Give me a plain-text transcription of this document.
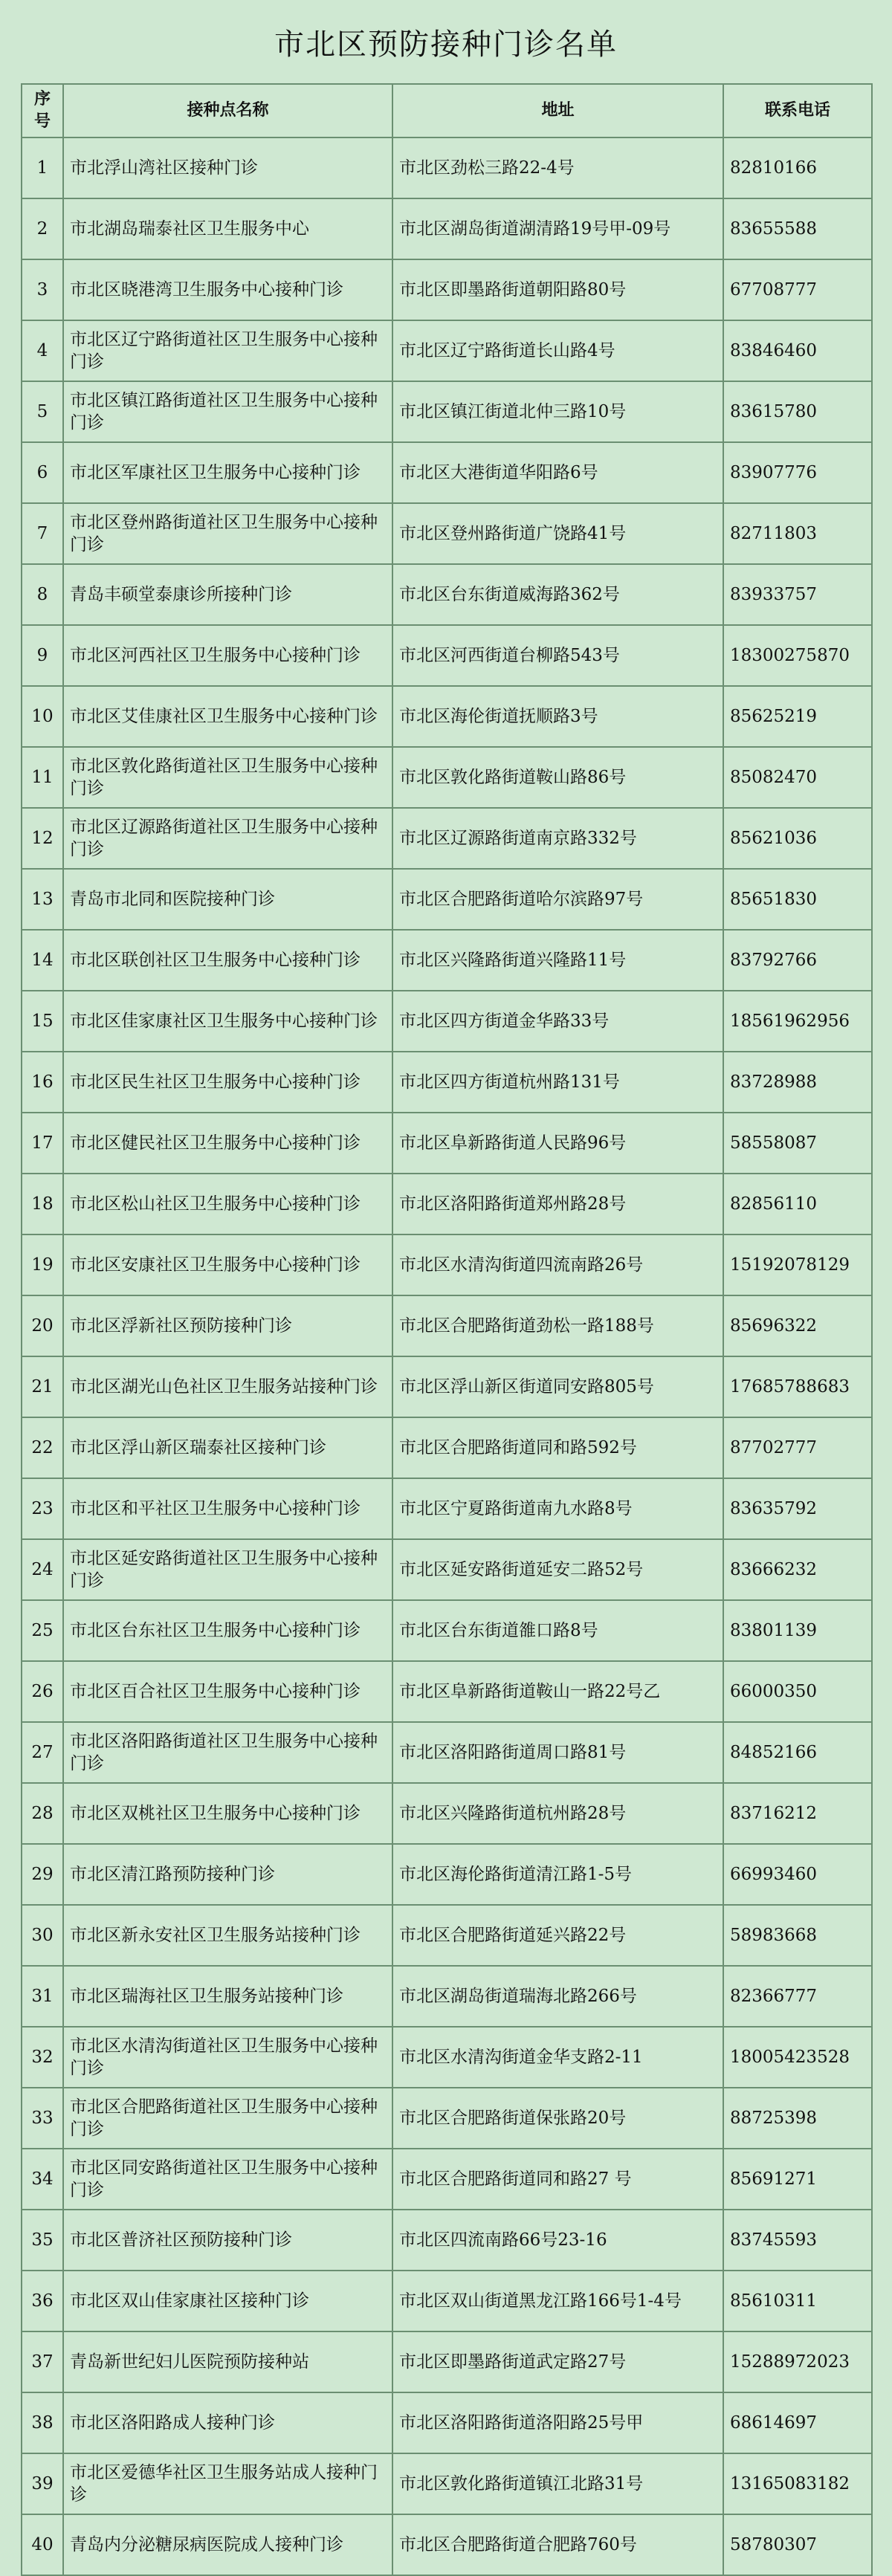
市北区预防接种门诊名单
序号	接种点名称	地址	联系电话
1	市北浮山湾社区接种门诊	市北区劲松三路22-4号	82810166
2	市北湖岛瑞泰社区卫生服务中心	市北区湖岛街道湖清路19号甲-09号	83655588
3	市北区晓港湾卫生服务中心接种门诊	市北区即墨路街道朝阳路80号	67708777
4	市北区辽宁路街道社区卫生服务中心接种门诊	市北区辽宁路街道长山路4号	83846460
5	市北区镇江路街道社区卫生服务中心接种门诊	市北区镇江街道北仲三路10号	83615780
6	市北区军康社区卫生服务中心接种门诊	市北区大港街道华阳路6号	83907776
7	市北区登州路街道社区卫生服务中心接种门诊	市北区登州路街道广饶路41号	82711803
8	青岛丰硕堂泰康诊所接种门诊	市北区台东街道威海路362号	83933757
9	市北区河西社区卫生服务中心接种门诊	市北区河西街道台柳路543号	18300275870
10	市北区艾佳康社区卫生服务中心接种门诊	市北区海伦街道抚顺路3号	85625219
11	市北区敦化路街道社区卫生服务中心接种门诊	市北区敦化路街道鞍山路86号	85082470
12	市北区辽源路街道社区卫生服务中心接种门诊	市北区辽源路街道南京路332号	85621036
13	青岛市北同和医院接种门诊	市北区合肥路街道哈尔滨路97号	85651830
14	市北区联创社区卫生服务中心接种门诊	市北区兴隆路街道兴隆路11号	83792766
15	市北区佳家康社区卫生服务中心接种门诊	市北区四方街道金华路33号	18561962956
16	市北区民生社区卫生服务中心接种门诊	市北区四方街道杭州路131号	83728988
17	市北区健民社区卫生服务中心接种门诊	市北区阜新路街道人民路96号	58558087
18	市北区松山社区卫生服务中心接种门诊	市北区洛阳路街道郑州路28号	82856110
19	市北区安康社区卫生服务中心接种门诊	市北区水清沟街道四流南路26号	15192078129
20	市北区浮新社区预防接种门诊	市北区合肥路街道劲松一路188号	85696322
21	市北区湖光山色社区卫生服务站接种门诊	市北区浮山新区街道同安路805号	17685788683
22	市北区浮山新区瑞泰社区接种门诊	市北区合肥路街道同和路592号	87702777
23	市北区和平社区卫生服务中心接种门诊	市北区宁夏路街道南九水路8号	83635792
24	市北区延安路街道社区卫生服务中心接种门诊	市北区延安路街道延安二路52号	83666232
25	市北区台东社区卫生服务中心接种门诊	市北区台东街道雒口路8号	83801139
26	市北区百合社区卫生服务中心接种门诊	市北区阜新路街道鞍山一路22号乙	66000350
27	市北区洛阳路街道社区卫生服务中心接种门诊	市北区洛阳路街道周口路81号	84852166
28	市北区双桃社区卫生服务中心接种门诊	市北区兴隆路街道杭州路28号	83716212
29	市北区清江路预防接种门诊	市北区海伦路街道清江路1-5号	66993460
30	市北区新永安社区卫生服务站接种门诊	市北区合肥路街道延兴路22号	58983668
31	市北区瑞海社区卫生服务站接种门诊	市北区湖岛街道瑞海北路266号	82366777
32	市北区水清沟街道社区卫生服务中心接种门诊	市北区水清沟街道金华支路2-11	18005423528
33	市北区合肥路街道社区卫生服务中心接种门诊	市北区合肥路街道保张路20号	88725398
34	市北区同安路街道社区卫生服务中心接种门诊	市北区合肥路街道同和路27 号	85691271
35	市北区普济社区预防接种门诊	市北区四流南路66号23-16	83745593
36	市北区双山佳家康社区接种门诊	市北区双山街道黑龙江路166号1-4号	85610311
37	青岛新世纪妇儿医院预防接种站	市北区即墨路街道武定路27号	15288972023
38	市北区洛阳路成人接种门诊	市北区洛阳路街道洛阳路25号甲	68614697
39	市北区爱德华社区卫生服务站成人接种门诊	市北区敦化路街道镇江北路31号	13165083182
40	青岛内分泌糖尿病医院成人接种门诊	市北区合肥路街道合肥路760号	58780307
